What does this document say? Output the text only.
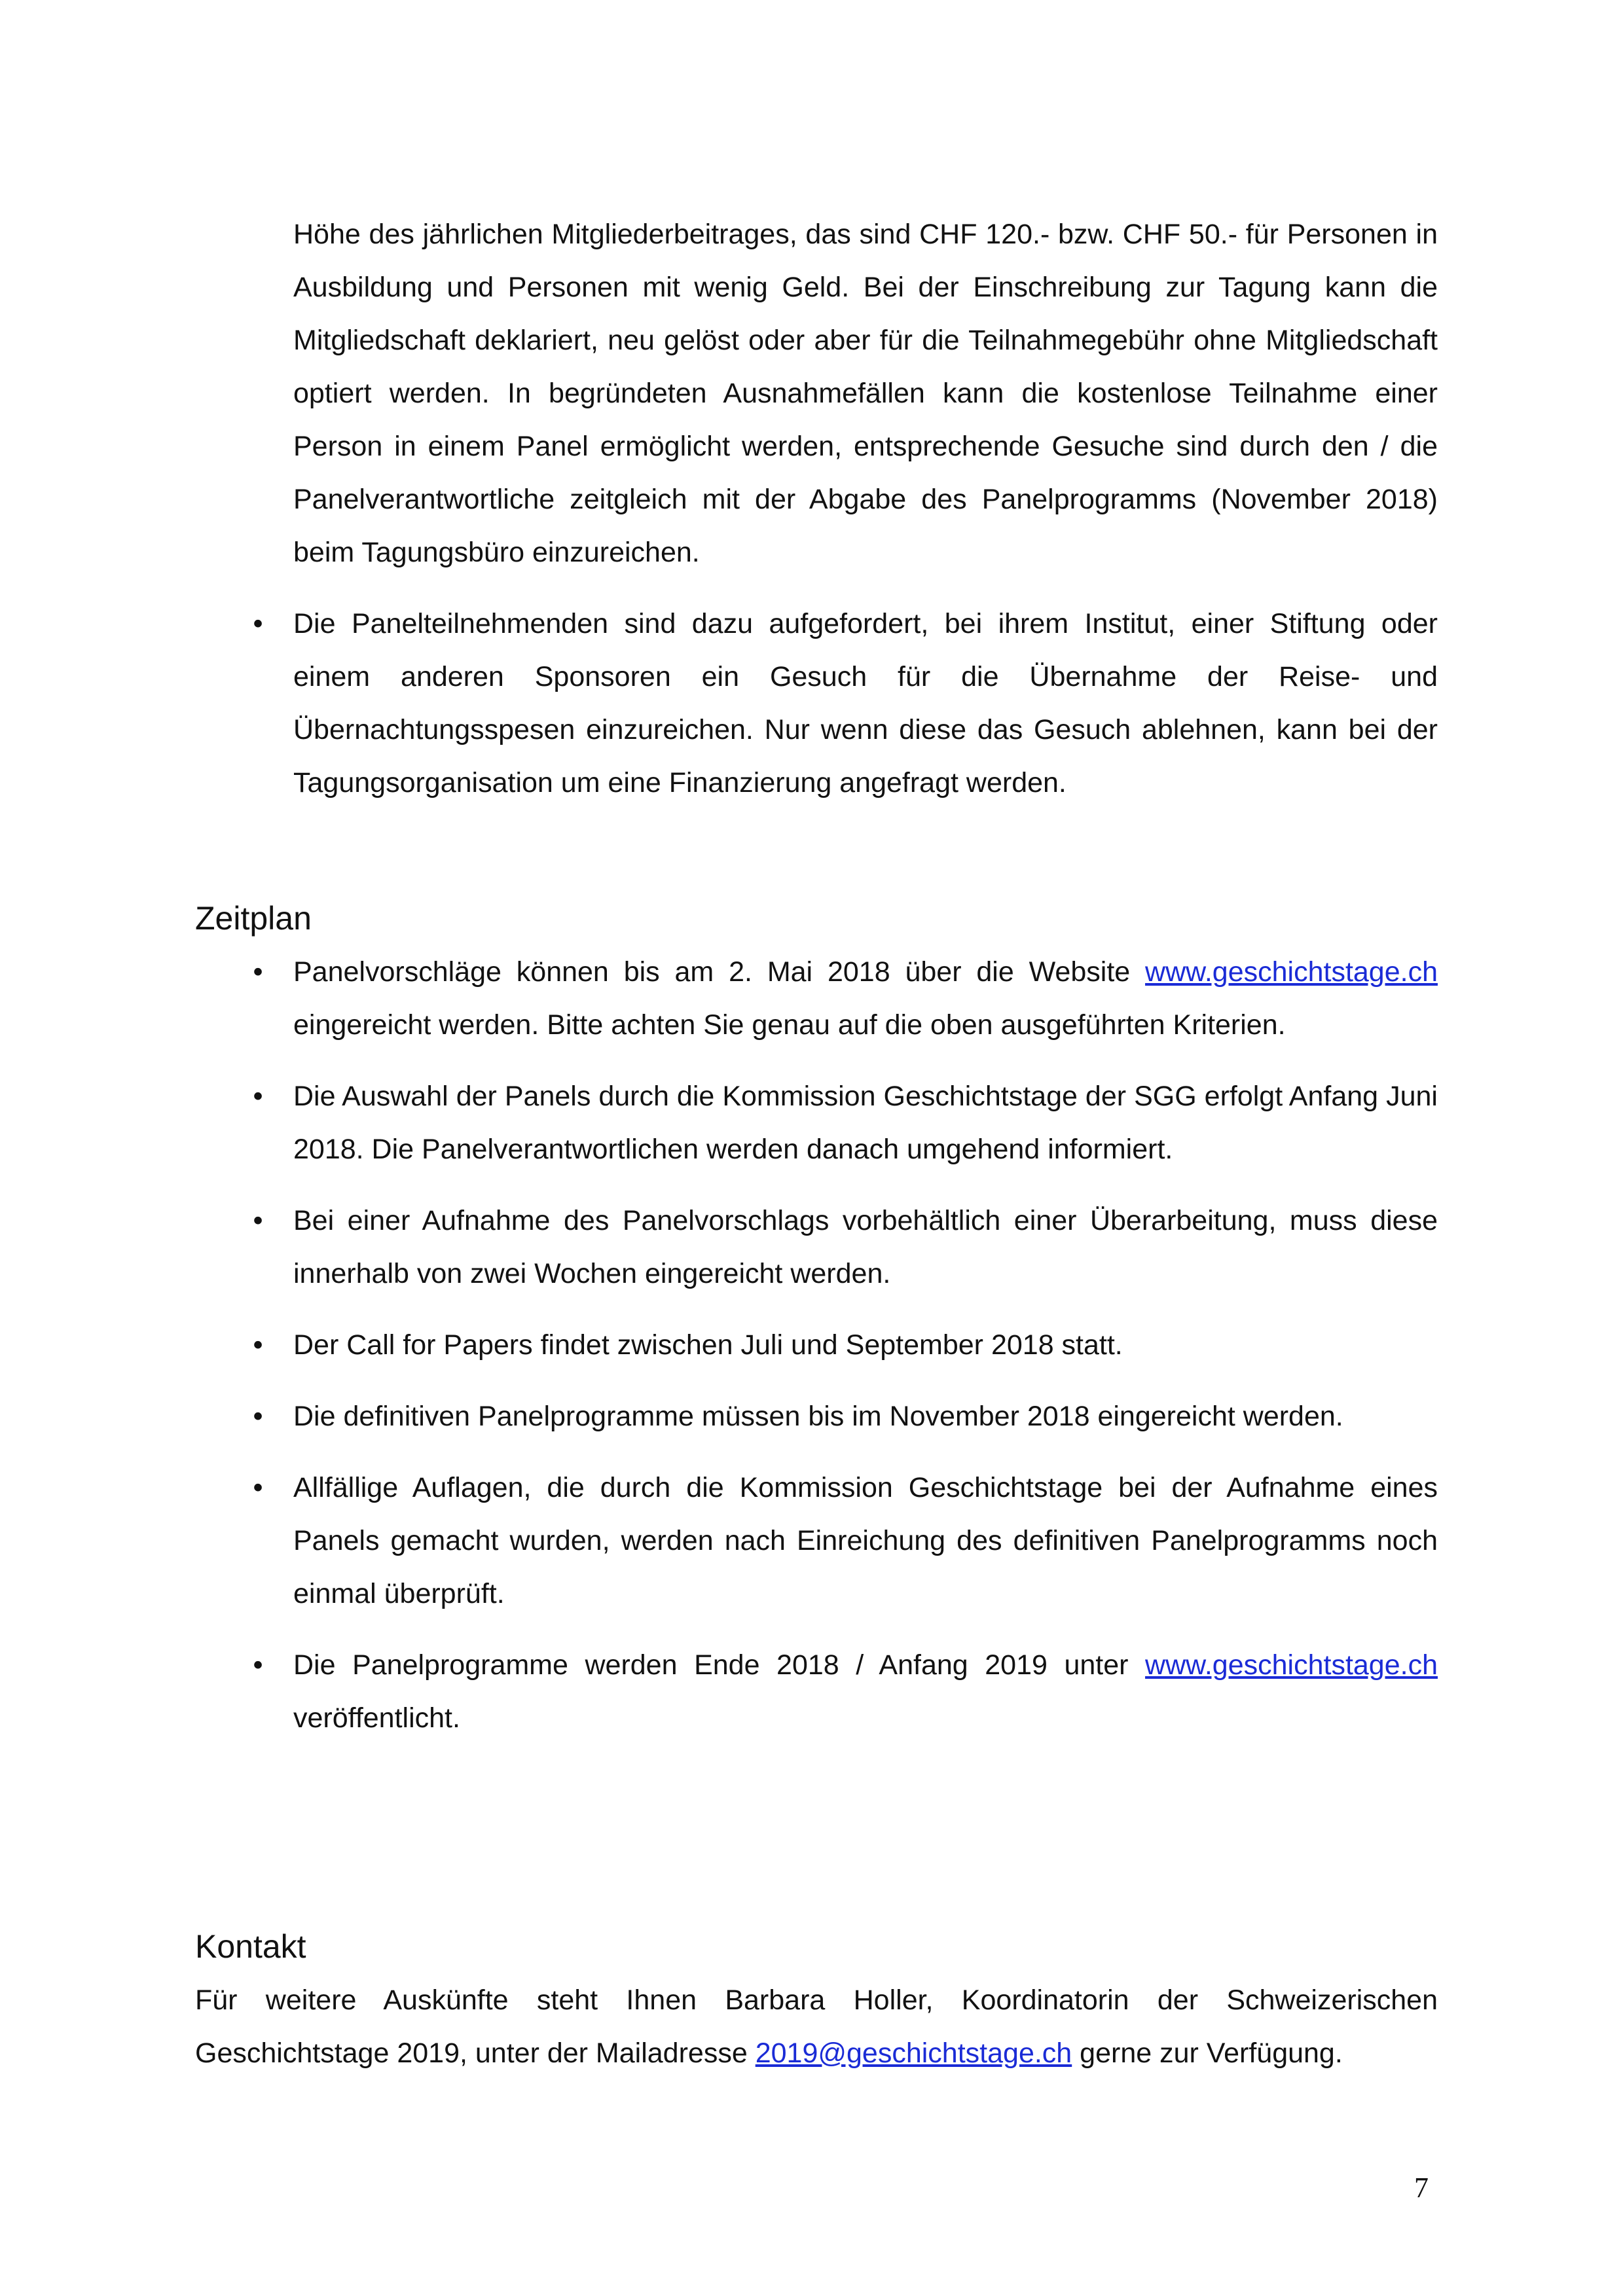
Höhe des jährlichen Mitgliederbeitrages, das sind CHF 120.- bzw. CHF 50.- für Personen in Ausbildung und Personen mit wenig Geld. Bei der Einschreibung zur Tagung kann die Mitgliedschaft deklariert, neu gelöst oder aber für die Teilnahmegebühr ohne Mitgliedschaft optiert werden. In begründeten Ausnahmefällen kann die kostenlose Teilnahme einer Person in einem Panel ermöglicht werden, entsprechende Gesuche sind durch den / die Panelverantwortliche zeitgleich mit der Abgabe des Panelprogramms (November 2018) beim Tagungsbüro einzureichen.

• Die Panelteilnehmenden sind dazu aufgefordert, bei ihrem Institut, einer Stiftung oder einem anderen Sponsoren ein Gesuch für die Übernahme der Reise- und Übernachtungsspesen einzureichen. Nur wenn diese das Gesuch ablehnen, kann bei der Tagungsorganisation um eine Finanzierung angefragt werden.
Zeitplan
• Panelvorschläge können bis am 2. Mai 2018 über die Website www.geschichtstage.ch eingereicht werden. Bitte achten Sie genau auf die oben ausgeführten Kriterien.
• Die Auswahl der Panels durch die Kommission Geschichtstage der SGG erfolgt Anfang Juni 2018. Die Panelverantwortlichen werden danach umgehend informiert.
• Bei einer Aufnahme des Panelvorschlags vorbehältlich einer Überarbeitung, muss diese innerhalb von zwei Wochen eingereicht werden.
• Der Call for Papers findet zwischen Juli und September 2018 statt.
• Die definitiven Panelprogramme müssen bis im November 2018 eingereicht werden.
• Allfällige Auflagen, die durch die Kommission Geschichtstage bei der Aufnahme eines Panels gemacht wurden, werden nach Einreichung des definitiven Panelprogramms noch einmal überprüft.
• Die Panelprogramme werden Ende 2018 / Anfang 2019 unter www.geschichtstage.ch veröffentlicht.
Kontakt

Für weitere Auskünfte steht Ihnen Barbara Holler, Koordinatorin der Schweizerischen Geschichtstage 2019, unter der Mailadresse 2019@geschichtstage.ch gerne zur Verfügung.

7
